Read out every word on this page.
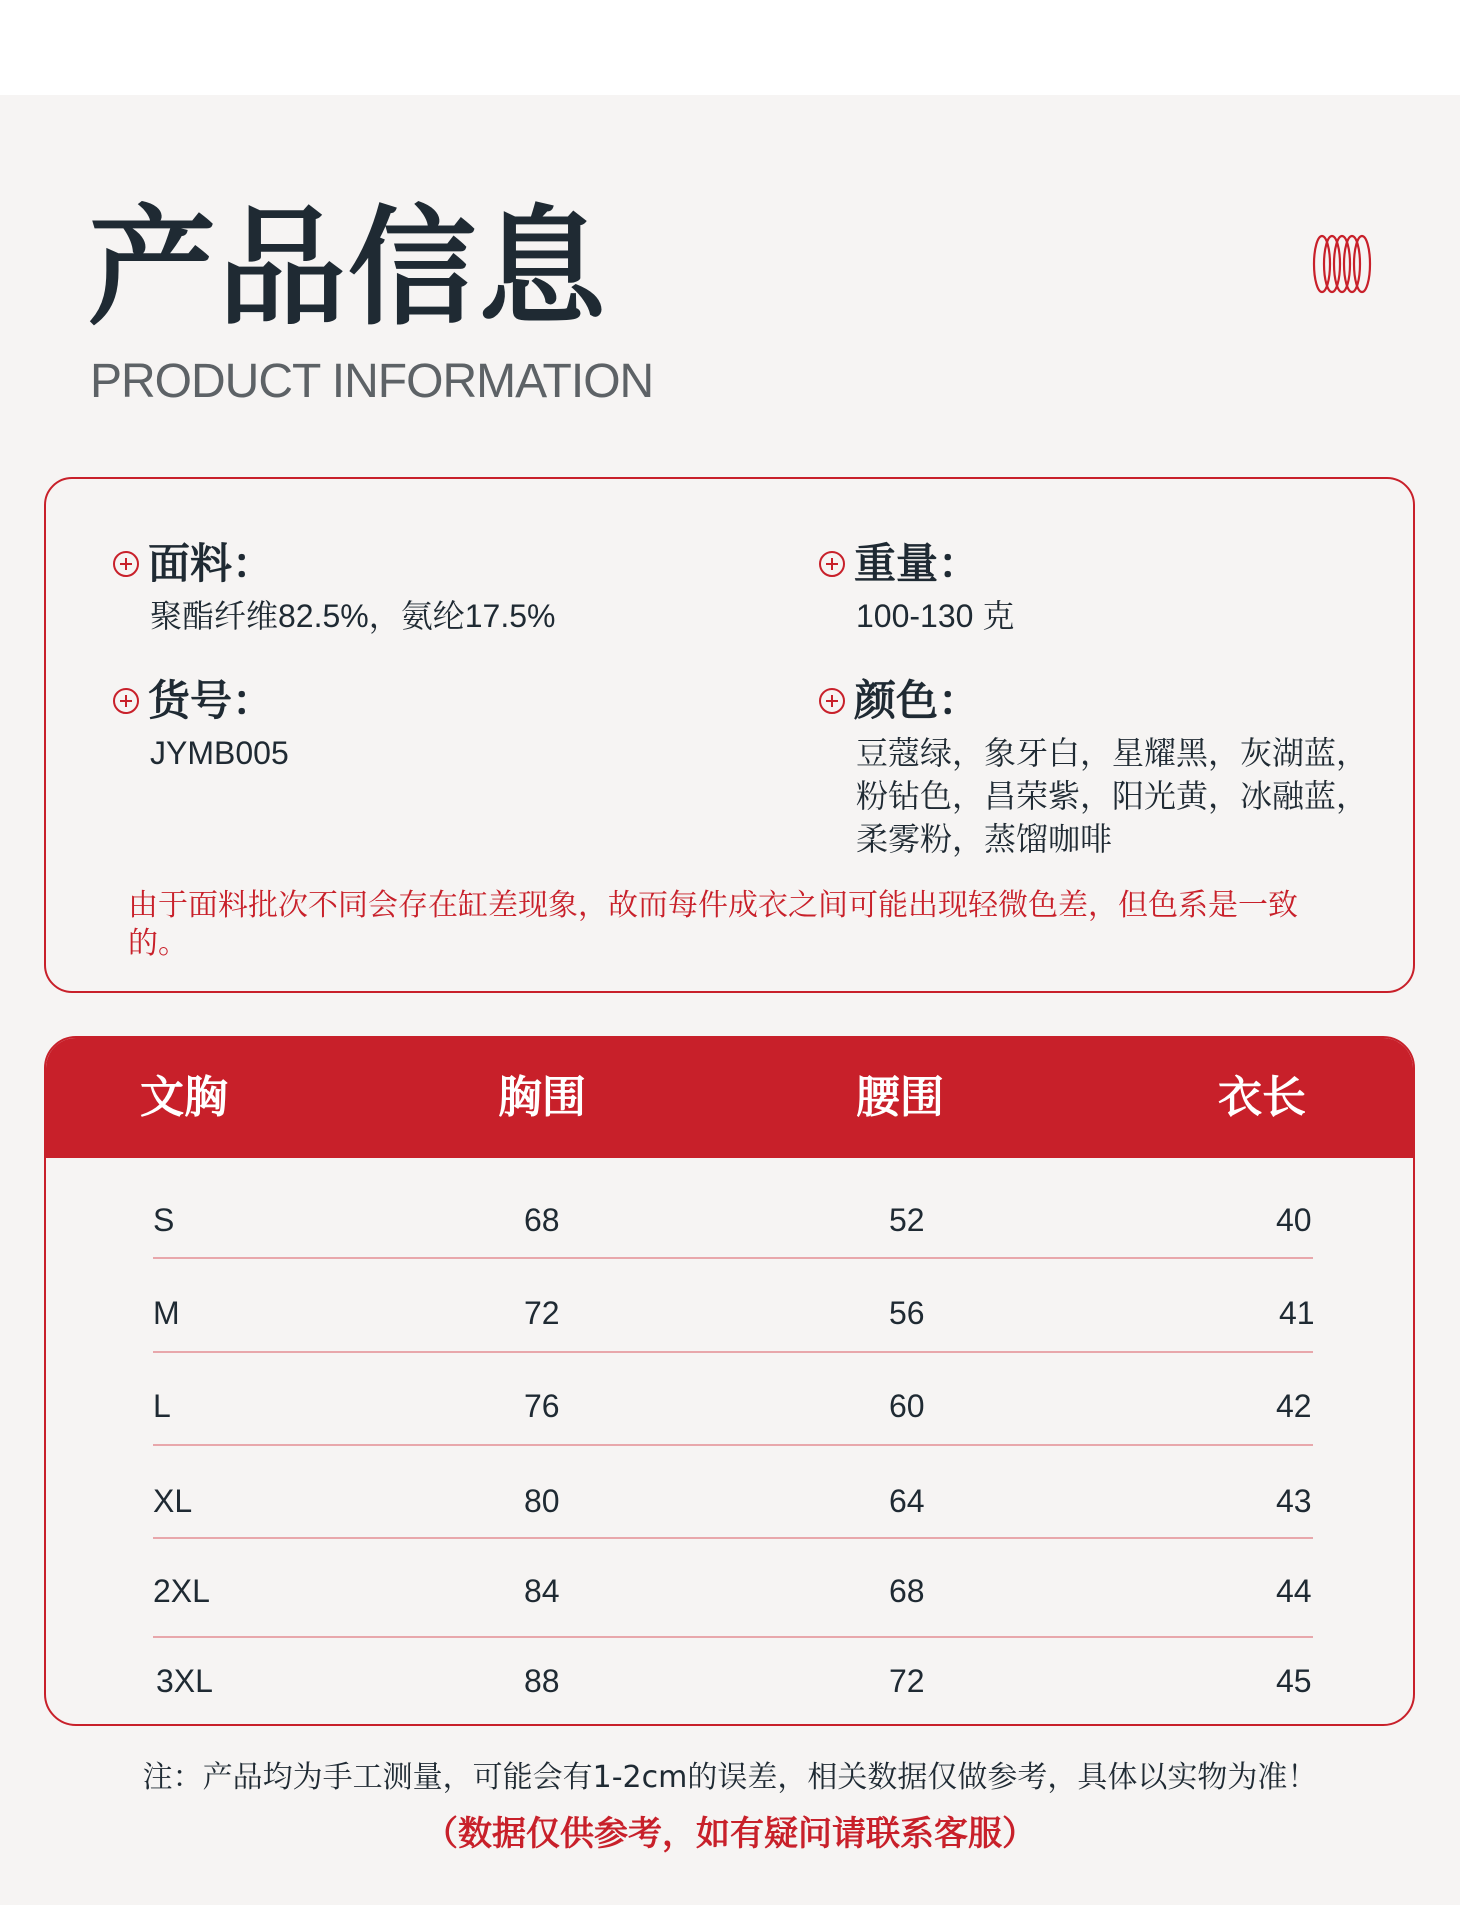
产品信息
PRODUCT INFORMATION
面料：
聚酯纤维82.5%，氨纶17.5%
重量：
100-130 克
货号：
JYMB005
颜色：
豆蔻绿，象牙白，星耀黑，灰湖蓝，
粉钻色，昌荣紫，阳光黄，冰融蓝，
柔雾粉，蒸馏咖啡
由于面料批次不同会存在缸差现象，故而每件成衣之间可能出现轻微色差，但色系是一致的。
文胸	胸围	腰围	衣长
S	68	52	40
M	72	56	41
L	76	60	42
XL	80	64	43
2XL	84	68	44
3XL	88	72	45
注：产品均为手工测量，可能会有1-2cm的误差，相关数据仅做参考，具体以实物为准！
（数据仅供参考，如有疑问请联系客服）
